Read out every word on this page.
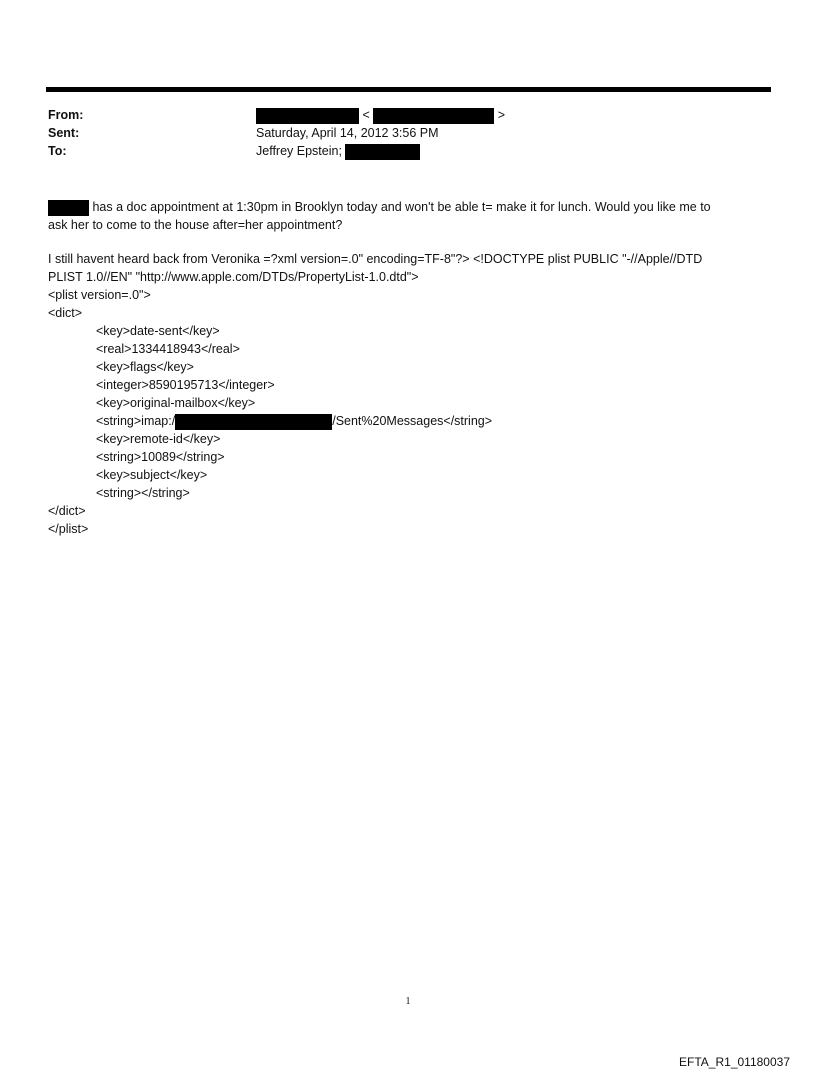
From:
Sent:
To:
<	>
Saturday, April 14, 2012 3:56 PM
Jeffrey Epstein;
has a doc appointment at 1:30pm in Brooklyn today and won't be able t= make it for lunch. Would you like me to
ask her to come to the house after=her appointment?
I still havent heard back from Veronika =?xml version=.0" encoding=TF-8"?> <!DOCTYPE plist PUBLIC "-//Apple//DTD
PLIST 1.0//EN" "http://www.apple.com/DTDs/PropertyList-1.0.dtd">
<plist version=.0">
<dict>
<key>date-sent</key>
<real>1334418943</real>
<key>flags</key>
<integer>8590195713</integer>
<key>original-mailbox</key>
<string>imap:/	/Sent%20Messages</string>
<key>remote-id</key>
<string>10089</string>
<key>subject</key>
<string></string>
</dict>
</plist>
1
EFTA_R1_01180037
